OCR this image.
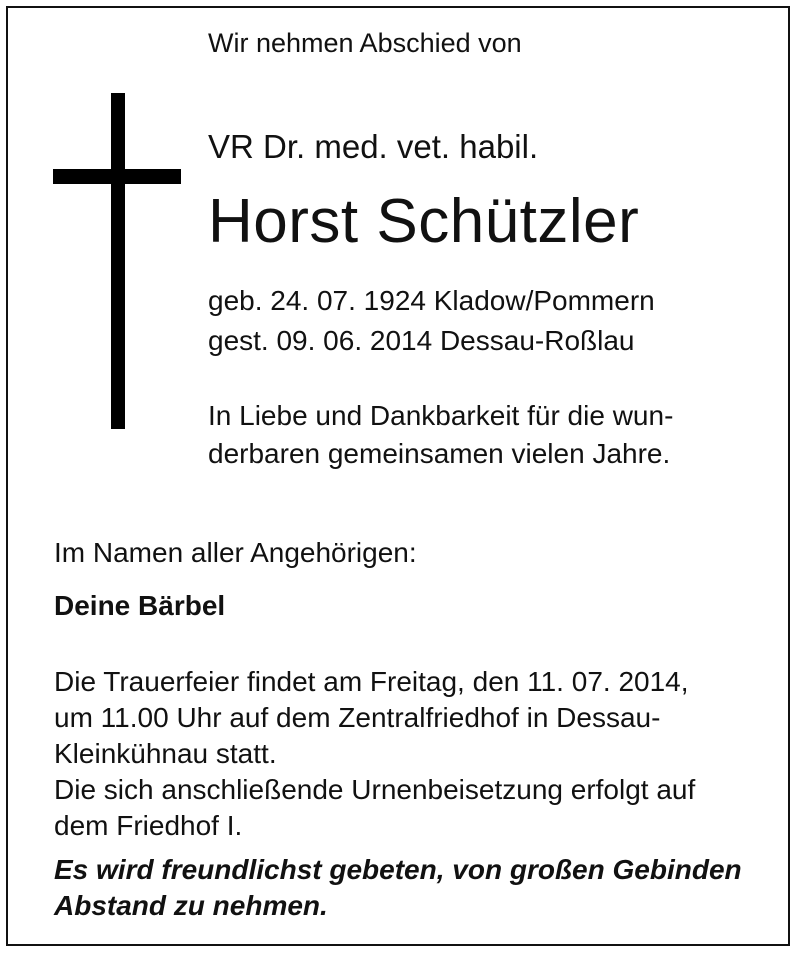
Wir nehmen Abschied von

VR Dr. med. vet. habil.

Horst Schützler

geb. 24. 07. 1924 Kladow/Pommern

gest. 09. 06. 2014 Dessau-Roßlau

In Liebe und Dankbarkeit für die wun-

derbaren gemeinsamen vielen Jahre.

Im Namen aller Angehörigen:

Deine Bärbel

Die Trauerfeier findet am Freitag, den 11. 07. 2014,

um 11.00 Uhr auf dem Zentralfriedhof in Dessau-

Kleinkühnau statt.

Die sich anschließende Urnenbeisetzung erfolgt auf

dem Friedhof I.

Es wird freundlichst gebeten, von großen Gebinden

Abstand zu nehmen.
